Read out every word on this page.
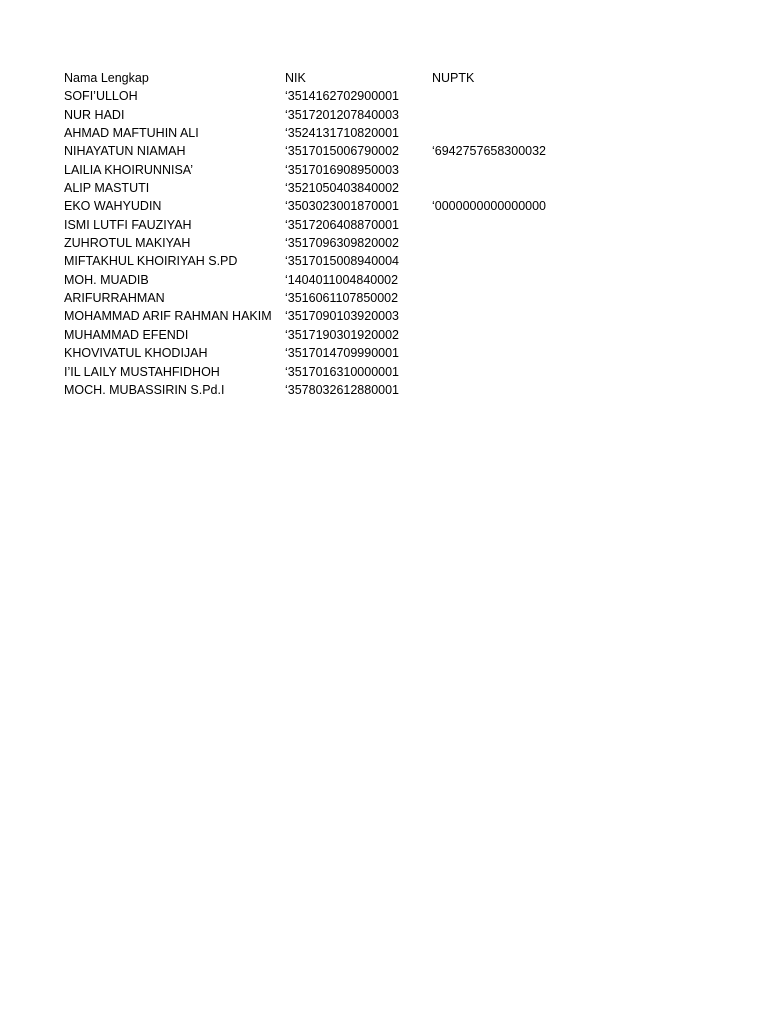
Nama Lengkap	NIK	NUPTK
SOFI’ULLOH	‘3514162702900001
NUR HADI	‘3517201207840003
AHMAD MAFTUHIN ALI	‘3524131710820001
NIHAYATUN NIAMAH	‘3517015006790002	‘6942757658300032
LAILIA KHOIRUNNISA’	‘3517016908950003
ALIP MASTUTI	‘3521050403840002
EKO WAHYUDIN	‘3503023001870001	‘0000000000000000
ISMI LUTFI FAUZIYAH	‘3517206408870001
ZUHROTUL MAKIYAH	‘3517096309820002
MIFTAKHUL KHOIRIYAH S.PD	‘3517015008940004
MOH. MUADIB	‘1404011004840002
ARIFURRAHMAN	‘3516061107850002
MOHAMMAD ARIF RAHMAN HAKIM ‘3517090103920003
MUHAMMAD EFENDI	‘3517190301920002
KHOVIVATUL KHODIJAH	‘3517014709990001
I’IL LAILY MUSTAHFIDHOH	‘3517016310000001
MOCH. MUBASSIRIN S.Pd.I	‘3578032612880001
